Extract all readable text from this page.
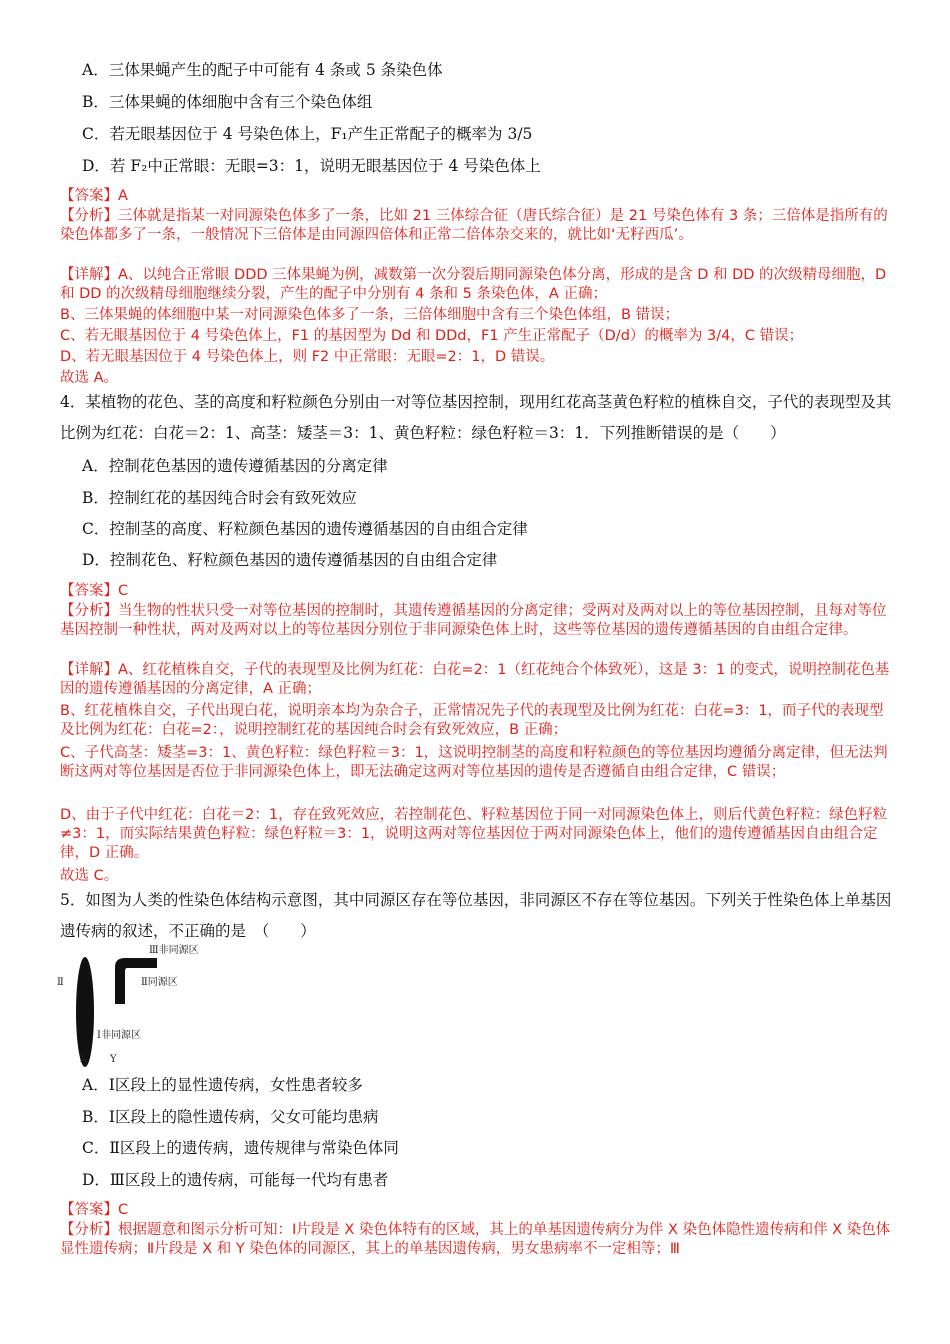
A．三体果蝇产生的配子中可能有 4 条或 5 条染色体
B．三体果蝇的体细胞中含有三个染色体组
C．若无眼基因位于 4 号染色体上，F₁产生正常配子的概率为 3/5
D．若 F₂中正常眼：无眼=3：1，说明无眼基因位于 4 号染色体上
【答案】A
【分析】三体就是指某一对同源染色体多了一条，比如 21 三体综合征（唐氏综合征）是 21 号染色体有 3 条；三倍体是指所有的染色体都多了一条，一般情况下三倍体是由同源四倍体和正常二倍体杂交来的，就比如‘无籽西瓜’。
【详解】A、以纯合正常眼 DDD 三体果蝇为例，减数第一次分裂后期同源染色体分离，形成的是含 D 和 DD 的次级精母细胞，D 和 DD 的次级精母细胞继续分裂，产生的配子中分别有 4 条和 5 条染色体，A 正确；
B、三体果蝇的体细胞中某一对同源染色体多了一条，三倍体细胞中含有三个染色体组，B 错误；
C、若无眼基因位于 4 号染色体上，F1 的基因型为 Dd 和 DDd，F1 产生正常配子（D/d）的概率为 3/4，C 错误；
D、若无眼基因位于 4 号染色体上，则 F2 中正常眼：无眼=2：1，D 错误。
故选 A。
4．某植物的花色、茎的高度和籽粒颜色分别由一对等位基因控制，现用红花高茎黄色籽粒的植株自交，子代的表现型及其比例为红花：白花＝2：1、高茎：矮茎＝3：1、黄色籽粒：绿色籽粒＝3：1．下列推断错误的是（　　）
A．控制花色基因的遗传遵循基因的分离定律
B．控制红花的基因纯合时会有致死效应
C．控制茎的高度、籽粒颜色基因的遗传遵循基因的自由组合定律
D．控制花色、籽粒颜色基因的遗传遵循基因的自由组合定律
【答案】C
【分析】当生物的性状只受一对等位基因的控制时，其遗传遵循基因的分离定律；受两对及两对以上的等位基因控制，且每对等位基因控制一种性状，两对及两对以上的等位基因分别位于非同源染色体上时，这些等位基因的遗传遵循基因的自由组合定律。
【详解】A、红花植株自交，子代的表现型及比例为红花：白花=2：1（红花纯合个体致死），这是 3：1 的变式，说明控制花色基因的遗传遵循基因的分离定律，A 正确；
B、红花植株自交，子代出现白花，说明亲本均为杂合子，正常情况先子代的表现型及比例为红花：白花=3：1，而子代的表现型及比例为红花：白花=2：，说明控制红花的基因纯合时会有致死效应，B 正确；
C、子代高茎：矮茎=3：1、黄色籽粒：绿色籽粒＝3：1，这说明控制茎的高度和籽粒颜色的等位基因均遵循分离定律，但无法判断这两对等位基因是否位于非同源染色体上，即无法确定这两对等位基因的遗传是否遵循自由组合定律，C 错误；
D、由于子代中红花：白花＝2：1，存在致死效应，若控制花色、籽粒基因位于同一对同源染色体上，则后代黄色籽粒：绿色籽粒≠3：1，而实际结果黄色籽粒：绿色籽粒＝3：1，说明这两对等位基因位于两对同源染色体上，他们的遗传遵循基因自由组合定律，D 正确。
故选 C。
5．如图为人类的性染色体结构示意图，其中同源区存在等位基因，非同源区不存在等位基因。下列关于性染色体上单基因遗传病的叙述，不正确的是　（　　）
Ⅲ非同源区
Ⅱ	Ⅱ同源区
Ⅰ非同源区
X Y
A．Ⅰ区段上的显性遗传病，女性患者较多
B．Ⅰ区段上的隐性遗传病，父女可能均患病
C．Ⅱ区段上的遗传病，遗传规律与常染色体同
D．Ⅲ区段上的遗传病，可能每一代均有患者
【答案】C
【分析】根据题意和图示分析可知：Ⅰ片段是 X 染色体特有的区域，其上的单基因遗传病分为伴 X 染色体隐性遗传病和伴 X 染色体显性遗传病；Ⅱ片段是 X 和 Y 染色体的同源区，其上的单基因遗传病，男女患病率不一定相等；Ⅲ
